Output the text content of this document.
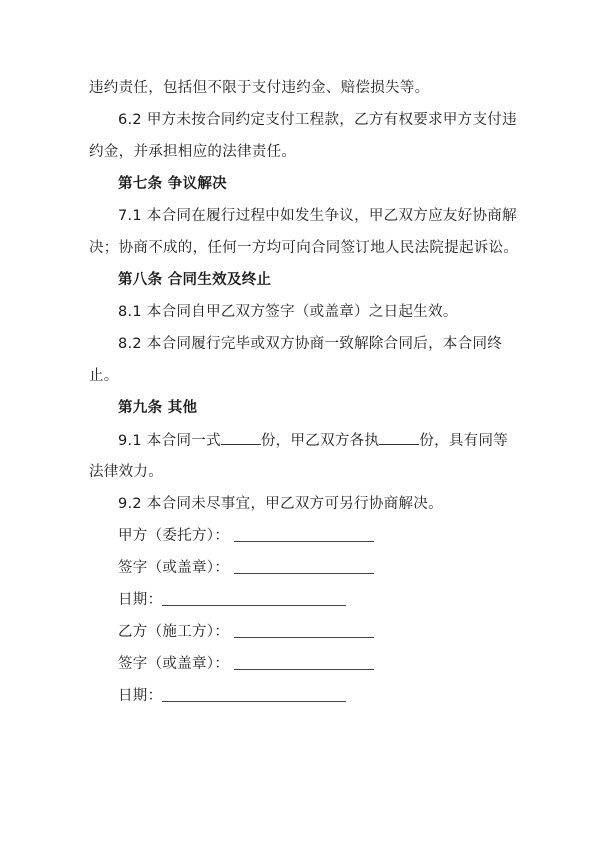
违约责任，包括但不限于支付违约金、赔偿损失等。
6.2 甲方未按合同约定支付工程款，乙方有权要求甲方支付违
约金，并承担相应的法律责任。
第七条 争议解决
7.1 本合同在履行过程中如发生争议，甲乙双方应友好协商解
决；协商不成的，任何一方均可向合同签订地人民法院提起诉讼。
第八条 合同生效及终止
8.1 本合同自甲乙双方签字（或盖章）之日起生效。
8.2 本合同履行完毕或双方协商一致解除合同后，本合同终
止。
第九条 其他
9.1 本合同一式	份，甲乙双方各执	份，具有同等
法律效力。
9.2 本合同未尽事宜，甲乙双方可另行协商解决。
甲方（委托方）：
签字（或盖章）：
日期：
乙方（施工方）：
签字（或盖章）：
日期：
